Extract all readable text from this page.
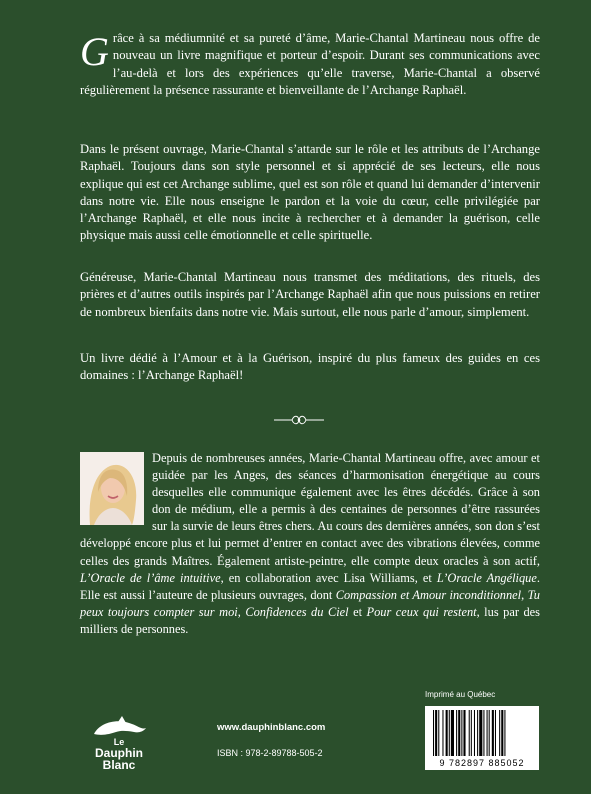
Grâce à sa médiumnité et sa pureté d’âme, Marie-Chantal Martineau nous offre de nouveau un livre magnifique et porteur d’espoir. Durant ses communications avec l’au-delà et lors des expériences qu’elle traverse, Marie-Chantal a observé régulièrement la présence rassurante et bienveillante de l’Archange Raphaël.

Dans le présent ouvrage, Marie-Chantal s’attarde sur le rôle et les attributs de l’Archange Raphaël. Toujours dans son style personnel et si apprécié de ses lecteurs, elle nous explique qui est cet Archange sublime, quel est son rôle et quand lui demander d’intervenir dans notre vie. Elle nous enseigne le pardon et la voie du cœur, celle privilégiée par l’Archange Raphaël, et elle nous incite à rechercher et à demander la guérison, celle physique mais aussi celle émotionnelle et celle spirituelle.

Généreuse, Marie-Chantal Martineau nous transmet des méditations, des rituels, des prières et d’autres outils inspirés par l’Archange Raphaël afin que nous puissions en retirer de nombreux bienfaits dans notre vie. Mais surtout, elle nous parle d’amour, simplement.

Un livre dédié à l’Amour et à la Guérison, inspiré du plus fameux des guides en ces domaines : l’Archange Raphaël!

Depuis de nombreuses années, Marie-Chantal Martineau offre, avec amour et guidée par les Anges, des séances d’harmonisation énergétique au cours desquelles elle communique également avec les êtres décédés. Grâce à son don de médium, elle a permis à des centaines de personnes d’être rassurées sur la survie de leurs êtres chers. Au cours des dernières années, son don s’est développé encore plus et lui permet d’entrer en contact avec des vibrations élevées, comme celles des grands Maîtres. Également artiste-peintre, elle compte deux oracles à son actif, L’Oracle de l’âme intuitive, en collaboration avec Lisa Williams, et L’Oracle Angélique. Elle est aussi l’auteure de plusieurs ouvrages, dont Compassion et Amour inconditionnel, Tu peux toujours compter sur moi, Confidences du Ciel et Pour ceux qui restent, lus par des milliers de personnes.
Imprimé au Québec
9 782897 885052
Le
Dauphin
Blanc
www.dauphinblanc.com
ISBN : 978-2-89788-505-2
